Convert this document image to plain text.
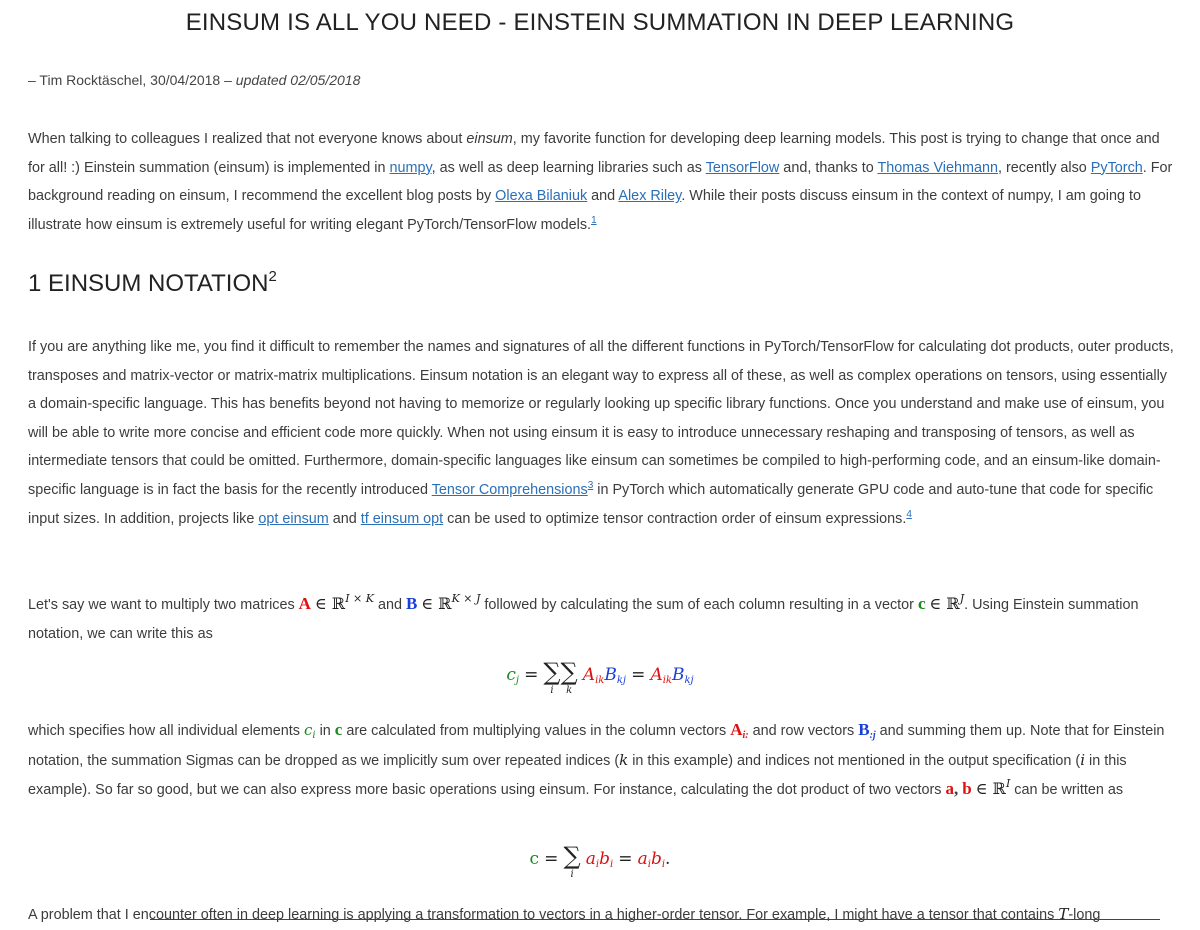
EINSUM IS ALL YOU NEED - EINSTEIN SUMMATION IN DEEP LEARNING
– Tim Rocktäschel, 30/04/2018 – updated 02/05/2018
When talking to colleagues I realized that not everyone knows about einsum, my favorite function for developing deep learning models. This post is trying to change that once and for all! :) Einstein summation (einsum) is implemented in numpy, as well as deep learning libraries such as TensorFlow and, thanks to Thomas Viehmann, recently also PyTorch. For background reading on einsum, I recommend the excellent blog posts by Olexa Bilaniuk and Alex Riley. While their posts discuss einsum in the context of numpy, I am going to illustrate how einsum is extremely useful for writing elegant PyTorch/TensorFlow models.$^1$
1 EINSUM NOTATION$^2$
If you are anything like me, you find it difficult to remember the names and signatures of all the different functions in PyTorch/TensorFlow for calculating dot products, outer products, transposes and matrix-vector or matrix-matrix multiplications. Einsum notation is an elegant way to express all of these, as well as complex operations on tensors, using essentially a domain-specific language. This has benefits beyond not having to memorize or regularly looking up specific library functions. Once you understand and make use of einsum, you will be able to write more concise and efficient code more quickly. When not using einsum it is easy to introduce unnecessary reshaping and transposing of tensors, as well as intermediate tensors that could be omitted. Furthermore, domain-specific languages like einsum can sometimes be compiled to high-performing code, and an einsum-like domain-specific language is in fact the basis for the recently introduced Tensor Comprehensions$^3$ in PyTorch which automatically generate GPU code and auto-tune that code for specific input sizes. In addition, projects like opt einsum and tf einsum opt can be used to optimize tensor contraction order of einsum expressions.$^4$
Let's say we want to multiply two matrices A ∈ ℝ$^{I \times K}$ and B ∈ ℝ$^{K \times J}$ followed by calculating the sum of each column resulting in a vector c ∈ ℝ$^J$. Using Einstein summation notation, we can write this as
cj = ∑
i
∑
k
AikBkj = AikBkj
which specifies how all individual elements $c_i$ in c are calculated from multiplying values in the column vectors Ai: and row vectors B:j and summing them up. Note that for Einstein notation, the summation Sigmas can be dropped as we implicitly sum over repeated indices (k in this example) and indices not mentioned in the output specification (i in this example). So far so good, but we can also express more basic operations using einsum. For instance, calculating the dot product of two vectors a, b ∈ ℝ$^I$ can be written as
c = ∑
i
aibi = aibi.
A problem that I encounter often in deep learning is applying a transformation to vectors in a higher-order tensor. For example, I might have a tensor that contains T-long
